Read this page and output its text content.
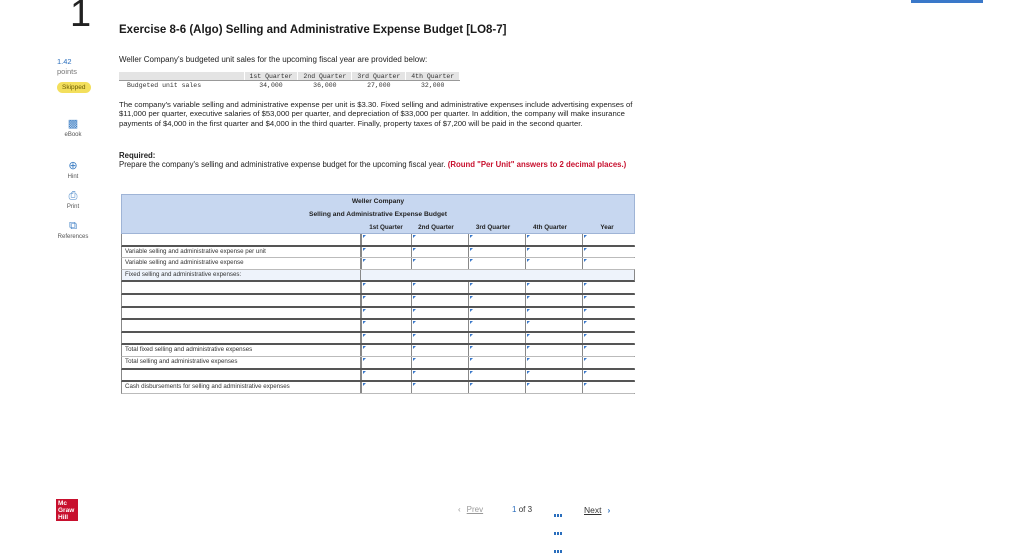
1 Exercise 8-6 (Algo) Selling and Administrative Expense Budget [LO8-7]
1.42
points
Skipped
▩
eBook
⊕
Hint
⎙
Print
⧉
References
Weller Company's budgeted unit sales for the upcoming fiscal year are provided below:
	1st Quarter	2nd Quarter	3rd Quarter	4th Quarter
Budgeted unit sales	34,000	36,000	27,000	32,000
The company's variable selling and administrative expense per unit is $3.30. Fixed selling and administrative expenses include advertising expenses of $11,000 per quarter, executive salaries of $53,000 per quarter, and depreciation of $33,000 per quarter. In addition, the company will make insurance payments of $4,000 in the first quarter and $4,000 in the third quarter. Finally, property taxes of $7,200 will be paid in the second quarter.
Required:
Prepare the company's selling and administrative expense budget for the upcoming fiscal year. (Round "Per Unit" answers to 2 decimal places.)
Weller Company
Selling and Administrative Expense Budget
1st Quarter	2nd Quarter	3rd Quarter	4th Quarter	Year
Variable selling and administrative expense per unit
Variable selling and administrative expense
Fixed selling and administrative expenses:
Total fixed selling and administrative expenses
Total selling and administrative expenses
Cash disbursements for selling and administrative expenses
Mc Graw Hill
‹ Prev	1 of 3	Next ›
